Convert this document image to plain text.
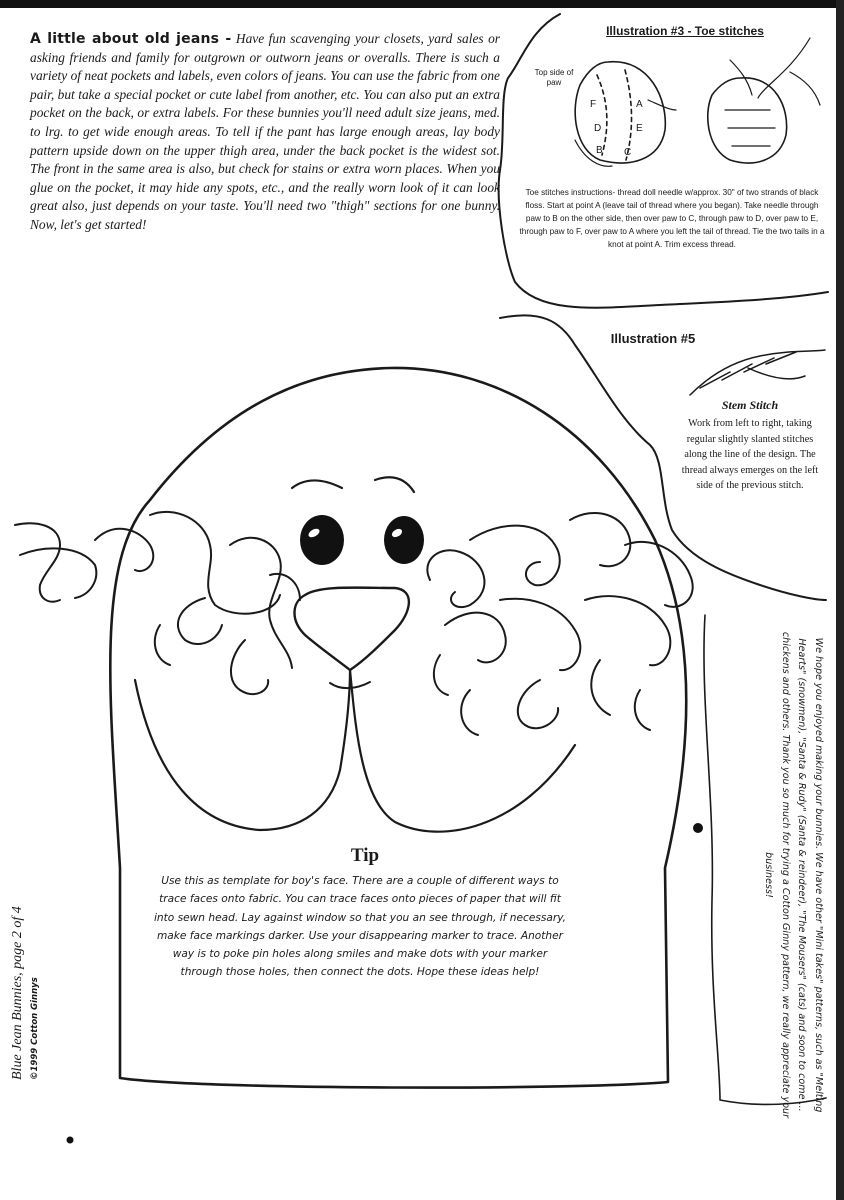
A little about old jeans - Have fun scavenging your closets, yard sales or asking friends and family for outgrown or outworn jeans or overalls. There is such a variety of neat pockets and labels, even colors of jeans. You can use the fabric from one pair, but take a special pocket or cute label from another, etc. You can also put an extra pocket on the back, or extra labels. For these bunnies you'll need adult size jeans, med. to lrg. to get wide enough areas. To tell if the pant has large enough areas, lay body pattern upside down on the upper thigh area, under the back pocket is the widest sot. The front in the same area is also, but check for stains or extra worn places. When you glue on the pocket, it may hide any spots, etc., and the really worn look of it can look great also, just depends on your taste. You'll need two "thigh" sections for one bunny. Now, let's get started!
Illustration #3 - Toe stitches
Top side of paw
F	A
D	E
B C
Toe stitches instructions- thread doll needle w/approx. 30" of two strands of black floss. Start at point A (leave tail of thread where you began). Take needle through paw to B on the other side, then over paw to C, through paw to D, over paw to E, through paw to F, over paw to A where you left the tail of thread. Tie the two tails in a knot at point A. Trim excess thread.
Illustration #5
Stem Stitch
Work from left to right, taking regular slightly slanted stitches along the line of the design. The thread always emerges on the left side of the previous stitch.
Tip
Use this as template for boy's face. There are a couple of different ways to trace faces onto fabric. You can trace faces onto pieces of paper that will fit into sewn head. Lay against window so that you an see through, if necessary, make face markings darker. Use your disappearing marker to trace. Another way is to poke pin holes along smiles and make dots with your marker through those holes, then connect the dots. Hope these ideas help!
Blue Jean Bunnies, page 2 of 4 ©1999 Cotton Ginnys	We hope you enjoyed making your bunnies. We have other "Mini takes" patterns, such as "Melting Hearts" (snowmen), "Santa & Rudy" (Santa & reindeer), "The Mousers" (cats) and soon to come ... chickens and others. Thank you so much for trying a Cotton Ginny pattern, we really appreciate your business!
